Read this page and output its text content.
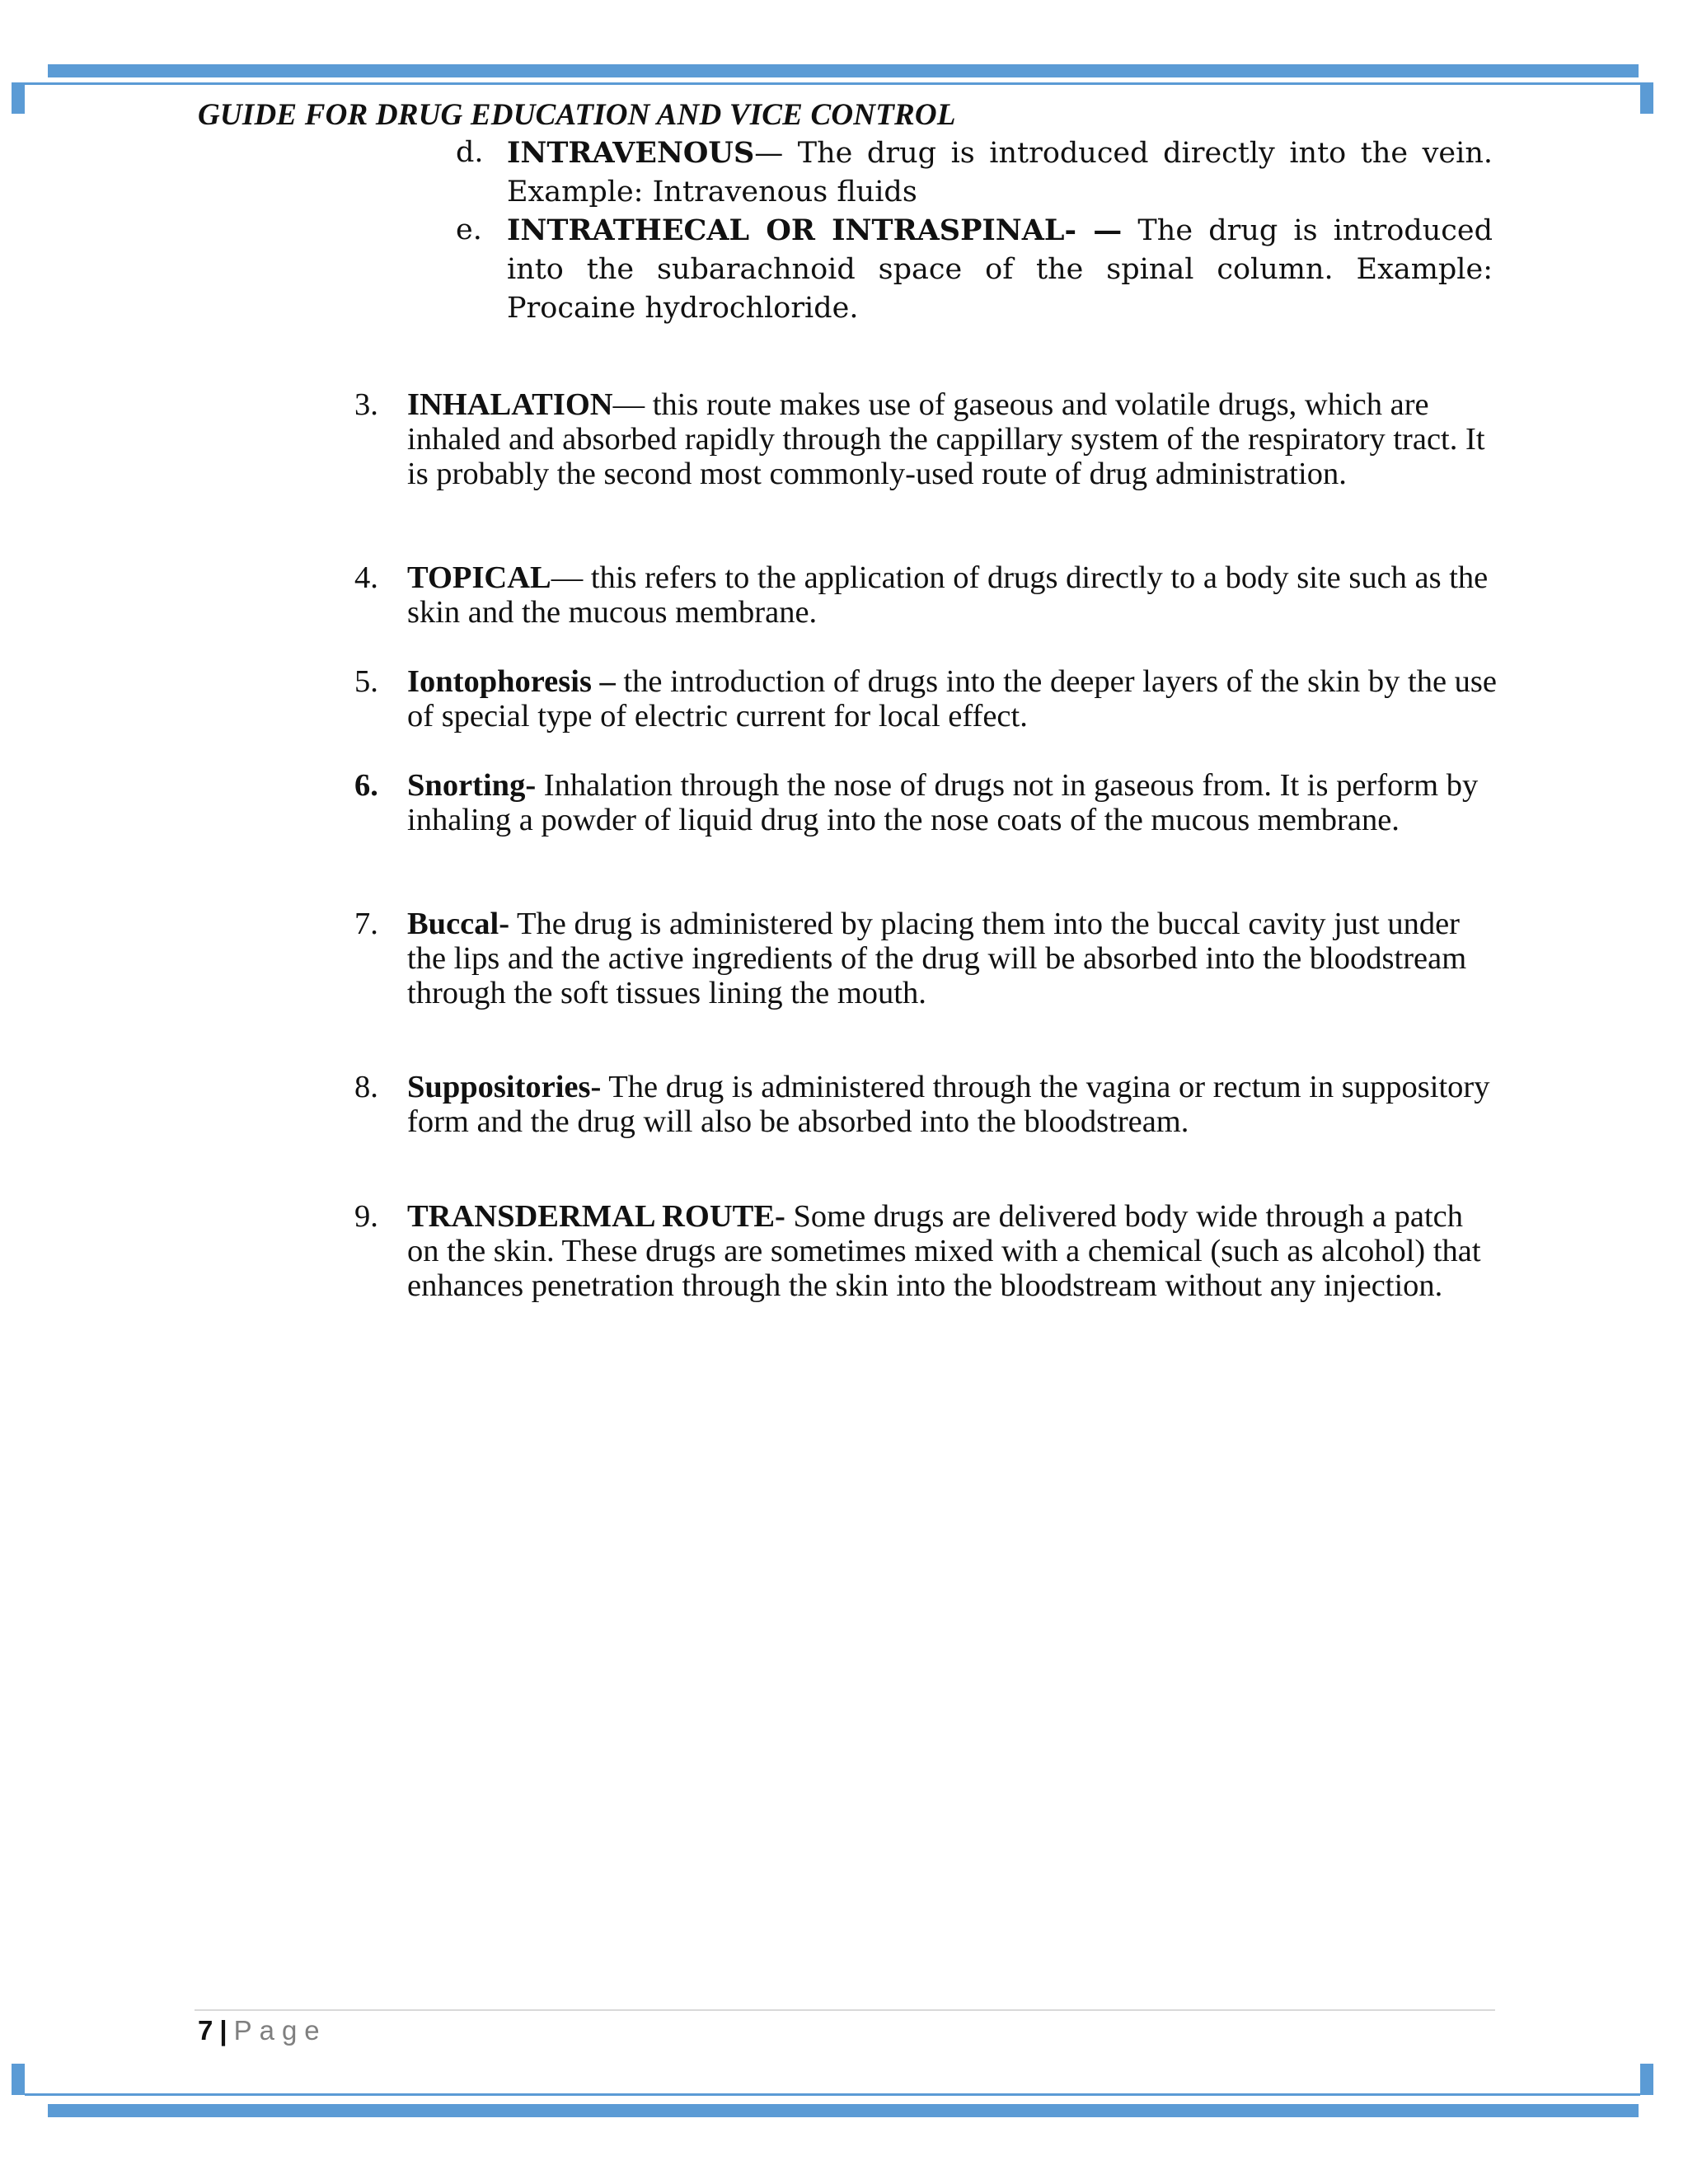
GUIDE FOR DRUG EDUCATION AND VICE CONTROL
d. INTRAVENOUS— The drug is introduced directly into the vein. Example: Intravenous fluids
e. INTRATHECAL OR INTRASPINAL- — The drug is introduced into the subarachnoid space of the spinal column. Example: Procaine hydrochloride.
3. INHALATION— this route makes use of gaseous and volatile drugs, which are inhaled and absorbed rapidly through the cappillary system of the respiratory tract. It is probably the second most commonly-used route of drug administration.
4. TOPICAL— this refers to the application of drugs directly to a body site such as the skin and the mucous membrane.
5. Iontophoresis – the introduction of drugs into the deeper layers of the skin by the use of special type of electric current for local effect.
6. Snorting- Inhalation through the nose of drugs not in gaseous from. It is perform by inhaling a powder of liquid drug into the nose coats of the mucous membrane.
7. Buccal- The drug is administered by placing them into the buccal cavity just under the lips and the active ingredients of the drug will be absorbed into the bloodstream through the soft tissues lining the mouth.
8. Suppositories- The drug is administered through the vagina or rectum in suppository form and the drug will also be absorbed into the bloodstream.
9. TRANSDERMAL ROUTE- Some drugs are delivered body wide through a patch on the skin. These drugs are sometimes mixed with a chemical (such as alcohol) that enhances penetration through the skin into the bloodstream without any injection.
7 | Page
